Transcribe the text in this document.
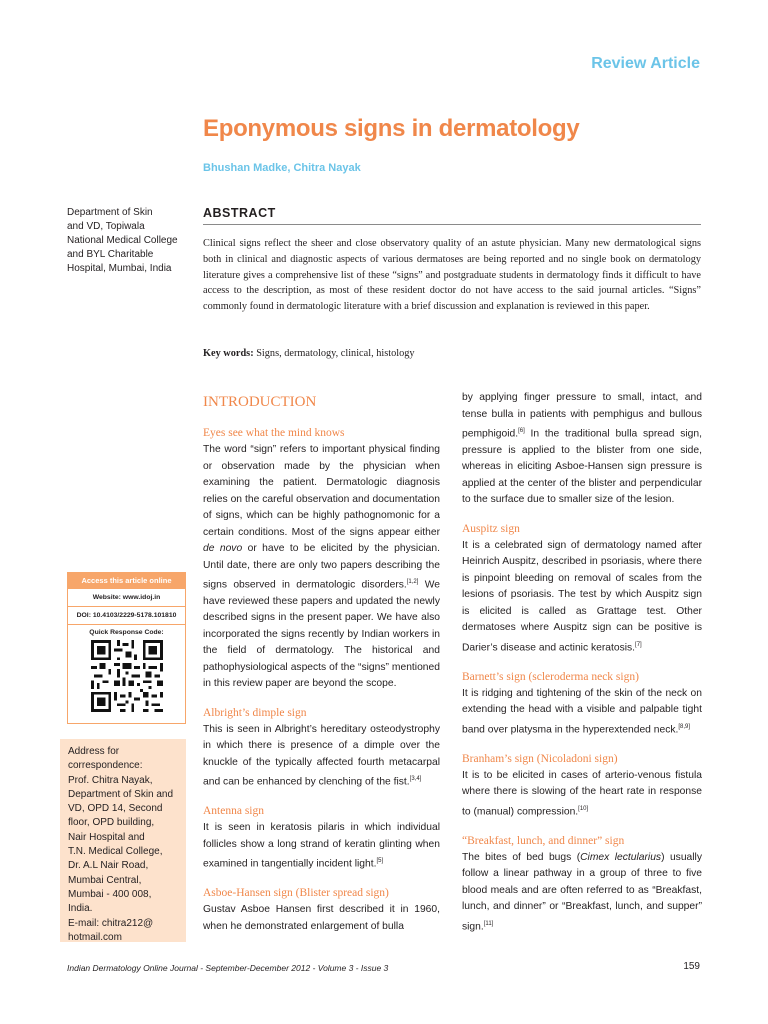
Review Article
Eponymous signs in dermatology
Bhushan Madke, Chitra Nayak
Department of Skin
and VD, Topiwala
National Medical College
and BYL Charitable
Hospital, Mumbai, India
ABSTRACT
Clinical signs reflect the sheer and close observatory quality of an astute physician. Many new dermatological signs both in clinical and diagnostic aspects of various dermatoses are being reported and no single book on dermatology literature gives a comprehensive list of these “signs” and postgraduate students in dermatology finds it difficult to have access to the description, as most of these resident doctor do not have access to the said journal articles. “Signs” commonly found in dermatologic literature with a brief discussion and explanation is reviewed in this paper.
Key words: Signs, dermatology, clinical, histology
Access this article online
Website: www.idoj.in
DOI: 10.4103/2229-5178.101810
Quick Response Code:
Address for
correspondence:
Prof. Chitra Nayak,
Department of Skin and
VD, OPD 14, Second
floor, OPD building,
Nair Hospital and
T.N. Medical College,
Dr. A.L Nair Road,
Mumbai Central,
Mumbai - 400 008,
India.
E-mail: chitra212@
hotmail.com
INTRODUCTION
Eyes see what the mind knows
The word “sign” refers to important physical finding or observation made by the physician when examining the patient. Dermatologic diagnosis relies on the careful observation and documentation of signs, which can be highly pathognomonic for a certain conditions. Most of the signs appear either de novo or have to be elicited by the physician. Until date, there are only two papers describing the signs observed in dermatologic disorders.[1,2] We have reviewed these papers and updated the newly described signs in the present paper. We have also incorporated the signs recently by Indian workers in the field of dermatology. The historical and pathophysiological aspects of the “signs” mentioned in this review paper are beyond the scope.
Albright’s dimple sign
This is seen in Albright’s hereditary osteodystrophy in which there is presence of a dimple over the knuckle of the typically affected fourth metacarpal and can be enhanced by clenching of the fist.[3,4]
Antenna sign
It is seen in keratosis pilaris in which individual follicles show a long strand of keratin glinting when examined in tangentially incident light.[5]
Asboe-Hansen sign (Blister spread sign)
Gustav Asboe Hansen first described it in 1960, when he demonstrated enlargement of bulla
by applying finger pressure to small, intact, and tense bulla in patients with pemphigus and bullous pemphigoid.[6] In the traditional bulla spread sign, pressure is applied to the blister from one side, whereas in eliciting Asboe-Hansen sign pressure is applied at the center of the blister and perpendicular to the surface due to smaller size of the lesion.
Auspitz sign
It is a celebrated sign of dermatology named after Heinrich Auspitz, described in psoriasis, where there is pinpoint bleeding on removal of scales from the lesions of psoriasis. The test by which Auspitz sign is elicited is called as Grattage test. Other dermatoses where Auspitz sign can be positive is Darier’s disease and actinic keratosis.[7]
Barnett’s sign (scleroderma neck sign)
It is ridging and tightening of the skin of the neck on extending the head with a visible and palpable tight band over platysma in the hyperextended neck.[8,9]
Branham’s sign (Nicoladoni sign)
It is to be elicited in cases of arterio-venous fistula where there is slowing of the heart rate in response to (manual) compression.[10]
“Breakfast, lunch, and dinner” sign
The bites of bed bugs (Cimex lectularius) usually follow a linear pathway in a group of three to five blood meals and are often referred to as “Breakfast, lunch, and dinner” or “Breakfast, lunch, and supper” sign.[11]
Indian Dermatology Online Journal - September-December 2012 - Volume 3 - Issue 3	159
